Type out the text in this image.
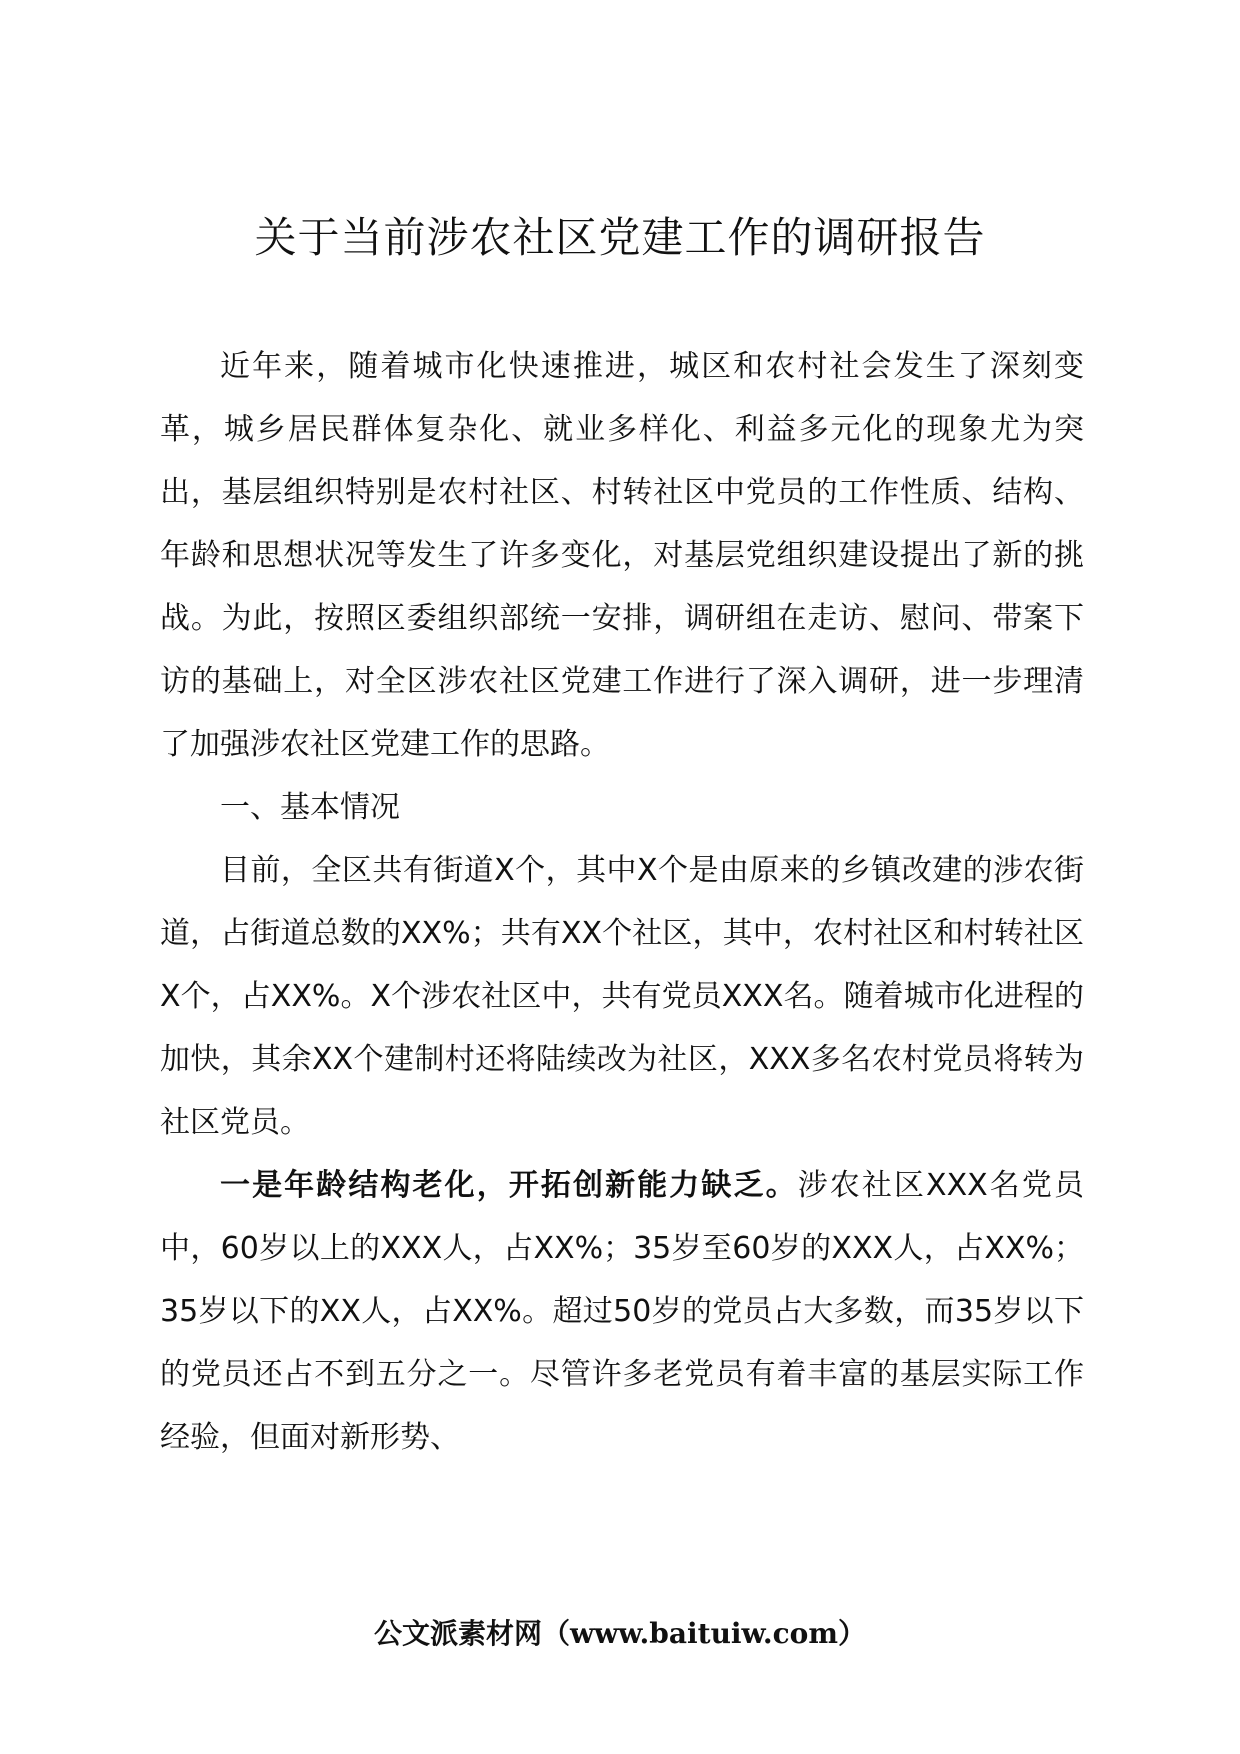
关于当前涉农社区党建工作的调研报告

近年来，随着城市化快速推进，城区和农村社会发生了深刻变革，城乡居民群体复杂化、就业多样化、利益多元化的现象尤为突出，基层组织特别是农村社区、村转社区中党员的工作性质、结构、年龄和思想状况等发生了许多变化，对基层党组织建设提出了新的挑战。为此，按照区委组织部统一安排，调研组在走访、慰问、带案下访的基础上，对全区涉农社区党建工作进行了深入调研，进一步理清了加强涉农社区党建工作的思路。

一、基本情况

目前，全区共有街道X个，其中X个是由原来的乡镇改建的涉农街道，占街道总数的XX%；共有XX个社区，其中，农村社区和村转社区X个，占XX%。X个涉农社区中，共有党员XXX名。随着城市化进程的加快，其余XX个建制村还将陆续改为社区，XXX多名农村党员将转为社区党员。

一是年龄结构老化，开拓创新能力缺乏。涉农社区XXX名党员中，60岁以上的XXX人，占XX%；35岁至60岁的XXX人，占XX%；35岁以下的XX人，占XX%。超过50岁的党员占大多数，而35岁以下的党员还占不到五分之一。尽管许多老党员有着丰富的基层实际工作经验，但面对新形势、

公文派素材网（www.baituiw.com）
